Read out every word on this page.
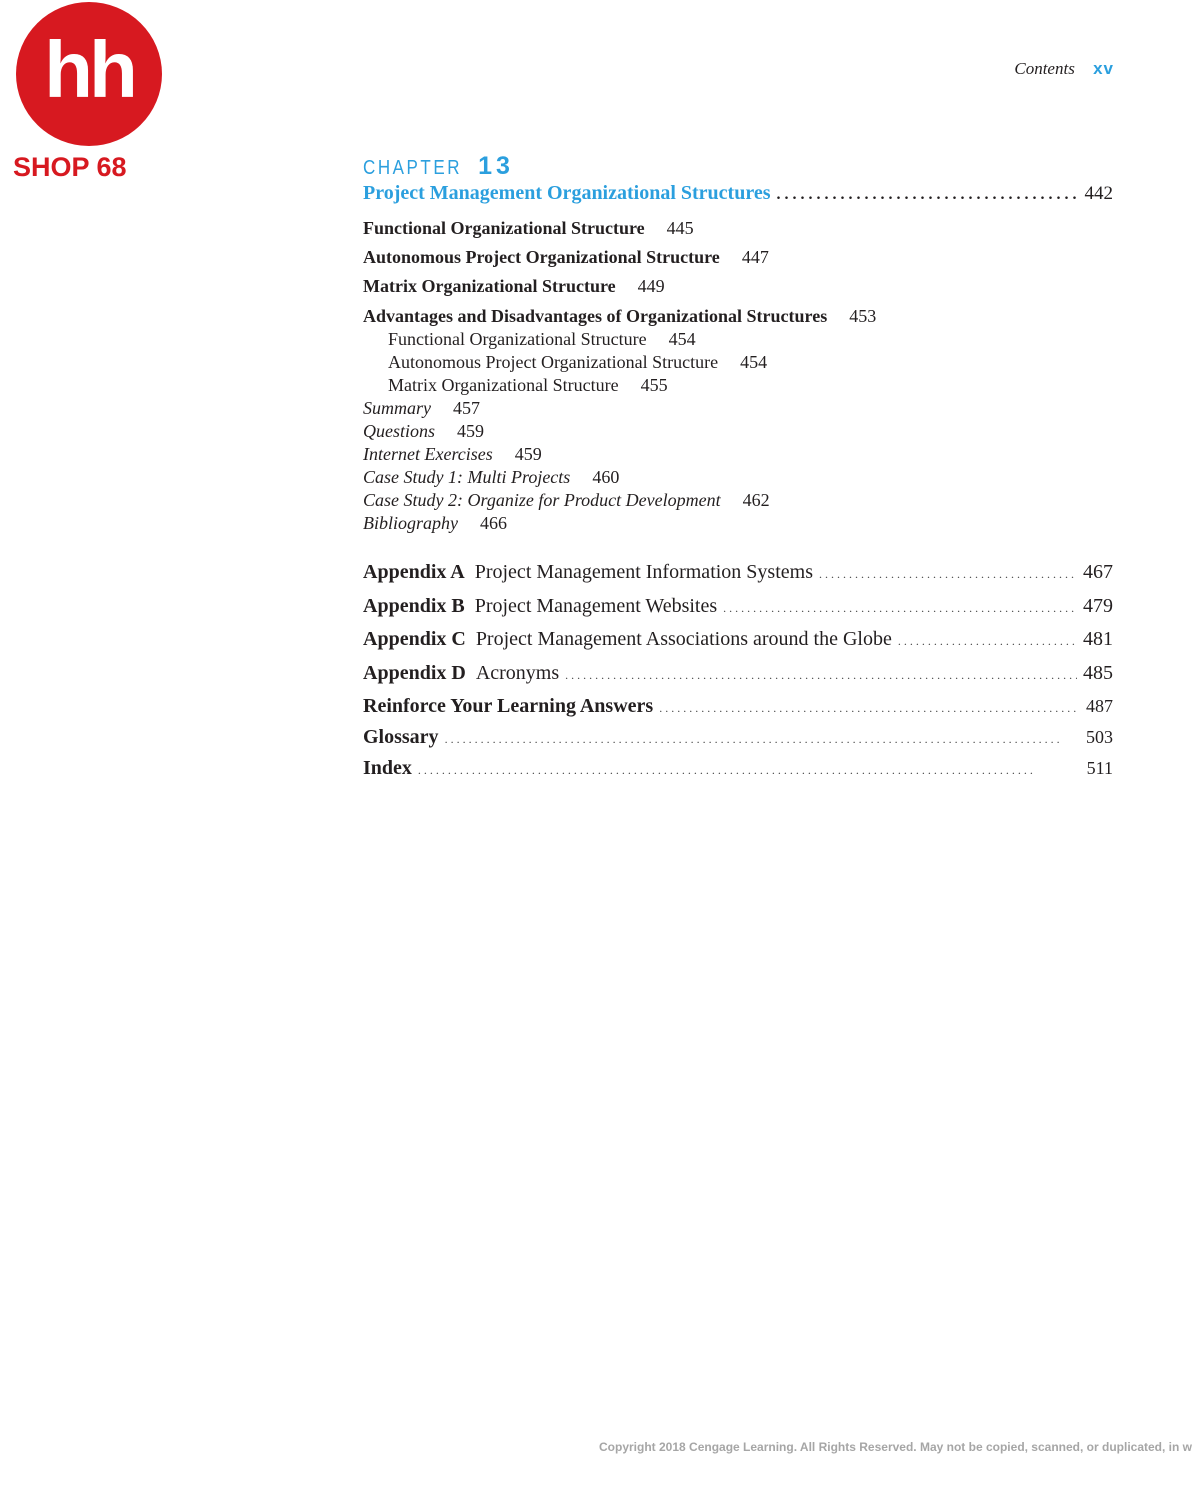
hh
SHOP 68
Contents xv
CHAPTER 13
Project Management Organizational Structures . . .	442
Functional Organizational Structure 445
Autonomous Project Organizational Structure 447
Matrix Organizational Structure 449
Advantages and Disadvantages of Organizational Structures 453
Functional Organizational Structure 454
Autonomous Project Organizational Structure 454
Matrix Organizational Structure 455
Summary 457
Questions 459
Internet Exercises 459
Case Study 1: Multi Projects 460
Case Study 2: Organize for Product Development 462
Bibliography 466
Appendix A Project Management Information Systems . . .	467
Appendix B Project Management Websites . . .	479
Appendix C Project Management Associations around the Globe . . .	481
Appendix D Acronyms . . .	485
Reinforce Your Learning Answers . . .	487
Glossary . . .	503
Index . . .	511
Copyright 2018 Cengage Learning. All Rights Reserved. May not be copied, scanned, or duplicated, in w
